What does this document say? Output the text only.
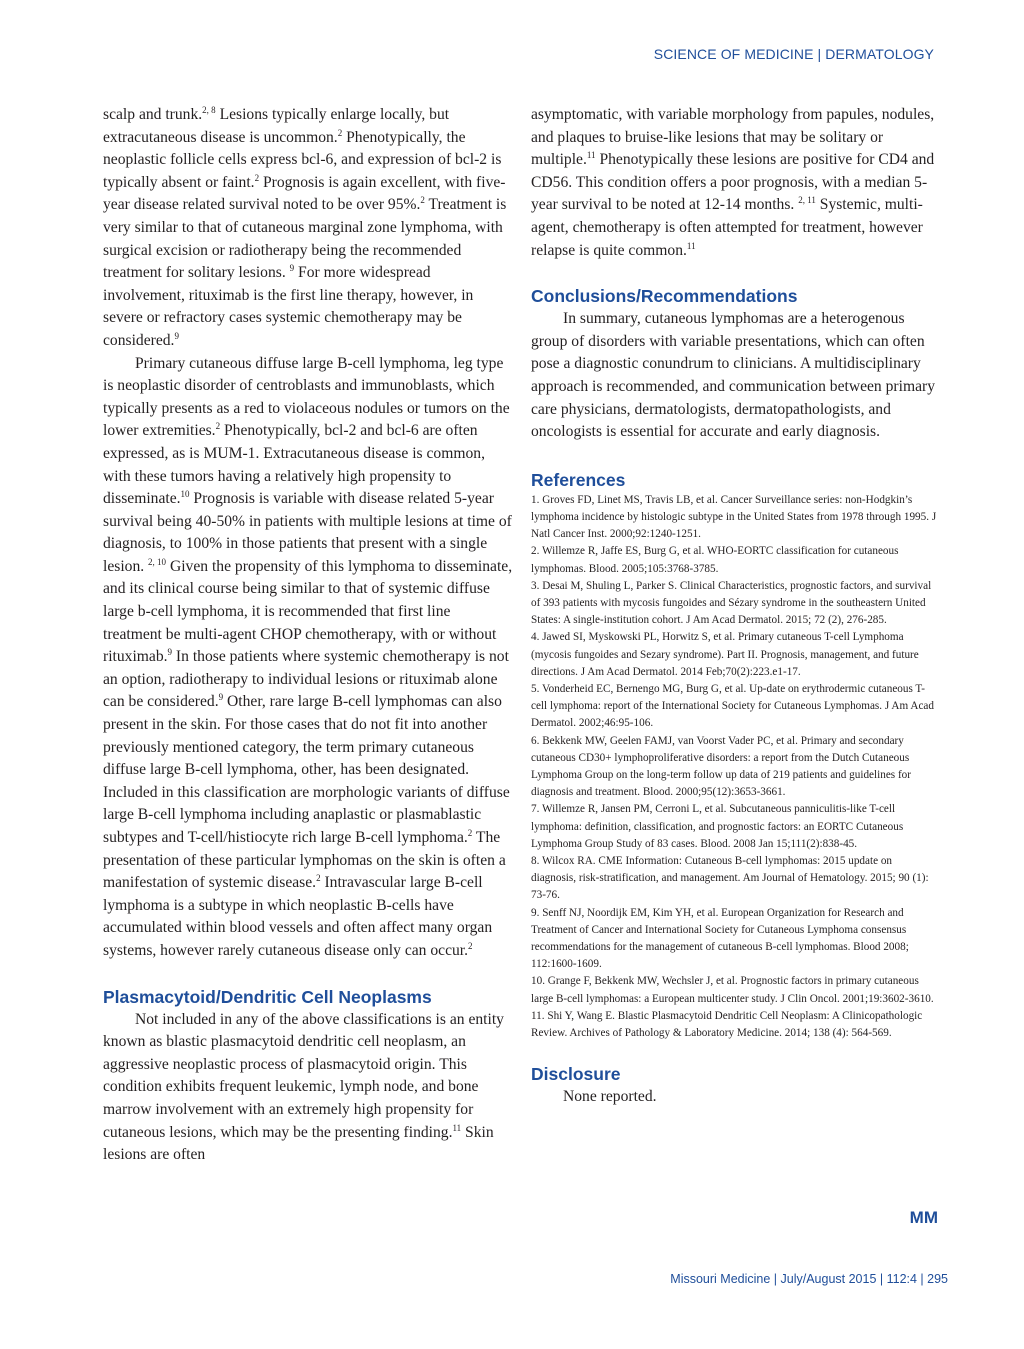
SCIENCE OF MEDICINE | DERMATOLOGY

scalp and trunk.$^{2, 8}$ Lesions typically enlarge locally, but extracutaneous disease is uncommon.$^2$ Phenotypically, the neoplastic follicle cells express bcl-6, and expression of bcl-2 is typically absent or faint.$^2$ Prognosis is again excellent, with five-year disease related survival noted to be over 95%.$^2$ Treatment is very similar to that of cutaneous marginal zone lymphoma, with surgical excision or radiotherapy being the recommended treatment for solitary lesions. $^9$ For more widespread involvement, rituximab is the first line therapy, however, in severe or refractory cases systemic chemotherapy may be considered.$^9$

Primary cutaneous diffuse large B-cell lymphoma, leg type is neoplastic disorder of centroblasts and immunoblasts, which typically presents as a red to violaceous nodules or tumors on the lower extremities.$^2$ Phenotypically, bcl-2 and bcl-6 are often expressed, as is MUM-1. Extracutaneous disease is common, with these tumors having a relatively high propensity to disseminate.$^{10}$ Prognosis is variable with disease related 5-year survival being 40-50% in patients with multiple lesions at time of diagnosis, to 100% in those patients that present with a single lesion. $^{2, 10}$ Given the propensity of this lymphoma to disseminate, and its clinical course being similar to that of systemic diffuse large b-cell lymphoma, it is recommended that first line treatment be multi-agent CHOP chemotherapy, with or without rituximab.$^9$ In those patients where systemic chemotherapy is not an option, radiotherapy to individual lesions or rituximab alone can be considered.$^9$ Other, rare large B-cell lymphomas can also present in the skin. For those cases that do not fit into another previously mentioned category, the term primary cutaneous diffuse large B-cell lymphoma, other, has been designated. Included in this classification are morphologic variants of diffuse large B-cell lymphoma including anaplastic or plasmablastic subtypes and T-cell/histiocyte rich large B-cell lymphoma.$^2$ The presentation of these particular lymphomas on the skin is often a manifestation of systemic disease.$^2$ Intravascular large B-cell lymphoma is a subtype in which neoplastic B-cells have accumulated within blood vessels and often affect many organ systems, however rarely cutaneous disease only can occur.$^2$

Plasmacytoid/Dendritic Cell Neoplasms

Not included in any of the above classifications is an entity known as blastic plasmacytoid dendritic cell neoplasm, an aggressive neoplastic process of plasmacytoid origin. This condition exhibits frequent leukemic, lymph node, and bone marrow involvement with an extremely high propensity for cutaneous lesions, which may be the presenting finding.$^{11}$ Skin lesions are often

asymptomatic, with variable morphology from papules, nodules, and plaques to bruise-like lesions that may be solitary or multiple.$^{11}$ Phenotypically these lesions are positive for CD4 and CD56. This condition offers a poor prognosis, with a median 5-year survival to be noted at 12-14 months. $^{2, 11}$ Systemic, multi-agent, chemotherapy is often attempted for treatment, however relapse is quite common.$^{11}$

Conclusions/Recommendations

In summary, cutaneous lymphomas are a heterogenous group of disorders with variable presentations, which can often pose a diagnostic conundrum to clinicians. A multidisciplinary approach is recommended, and communication between primary care physicians, dermatologists, dermatopathologists, and oncologists is essential for accurate and early diagnosis.

References

1. Groves FD, Linet MS, Travis LB, et al. Cancer Surveillance series: non-Hodgkin’s lymphoma incidence by histologic subtype in the United States from 1978 through 1995. J Natl Cancer Inst. 2000;92:1240-1251.

2. Willemze R, Jaffe ES, Burg G, et al. WHO-EORTC classification for cutaneous lymphomas. Blood. 2005;105:3768-3785.

3. Desai M, Shuling L, Parker S. Clinical Characteristics, prognostic factors, and survival of 393 patients with mycosis fungoides and Sézary syndrome in the southeastern United States: A single-institution cohort. J Am Acad Dermatol. 2015; 72 (2), 276-285.

4. Jawed SI, Myskowski PL, Horwitz S, et al. Primary cutaneous T-cell Lymphoma (mycosis fungoides and Sezary syndrome). Part II. Prognosis, management, and future directions. J Am Acad Dermatol. 2014 Feb;70(2):223.e1-17.

5. Vonderheid EC, Bernengo MG, Burg G, et al. Up-date on erythrodermic cutaneous T-cell lymphoma: report of the International Society for Cutaneous Lymphomas. J Am Acad Dermatol. 2002;46:95-106.

6. Bekkenk MW, Geelen FAMJ, van Voorst Vader PC, et al. Primary and secondary cutaneous CD30+ lymphoproliferative disorders: a report from the Dutch Cutaneous Lymphoma Group on the long-term follow up data of 219 patients and guidelines for diagnosis and treatment. Blood. 2000;95(12):3653-3661.

7. Willemze R, Jansen PM, Cerroni L, et al. Subcutaneous panniculitis-like T-cell lymphoma: definition, classification, and prognostic factors: an EORTC Cutaneous Lymphoma Group Study of 83 cases. Blood. 2008 Jan 15;111(2):838-45.

8. Wilcox RA. CME Information: Cutaneous B-cell lymphomas: 2015 update on diagnosis, risk-stratification, and management. Am Journal of Hematology. 2015; 90 (1): 73-76.

9. Senff NJ, Noordijk EM, Kim YH, et al. European Organization for Research and Treatment of Cancer and International Society for Cutaneous Lymphoma consensus recommendations for the management of cutaneous B-cell lymphomas. Blood 2008; 112:1600-1609.

10. Grange F, Bekkenk MW, Wechsler J, et al. Prognostic factors in primary cutaneous large B-cell lymphomas: a European multicenter study. J Clin Oncol. 2001;19:3602-3610.

11. Shi Y, Wang E. Blastic Plasmacytoid Dendritic Cell Neoplasm: A Clinicopathologic Review. Archives of Pathology & Laboratory Medicine. 2014; 138 (4): 564-569.

Disclosure

None reported.

MM
Missouri Medicine | July/August 2015 | 112:4 | 295
